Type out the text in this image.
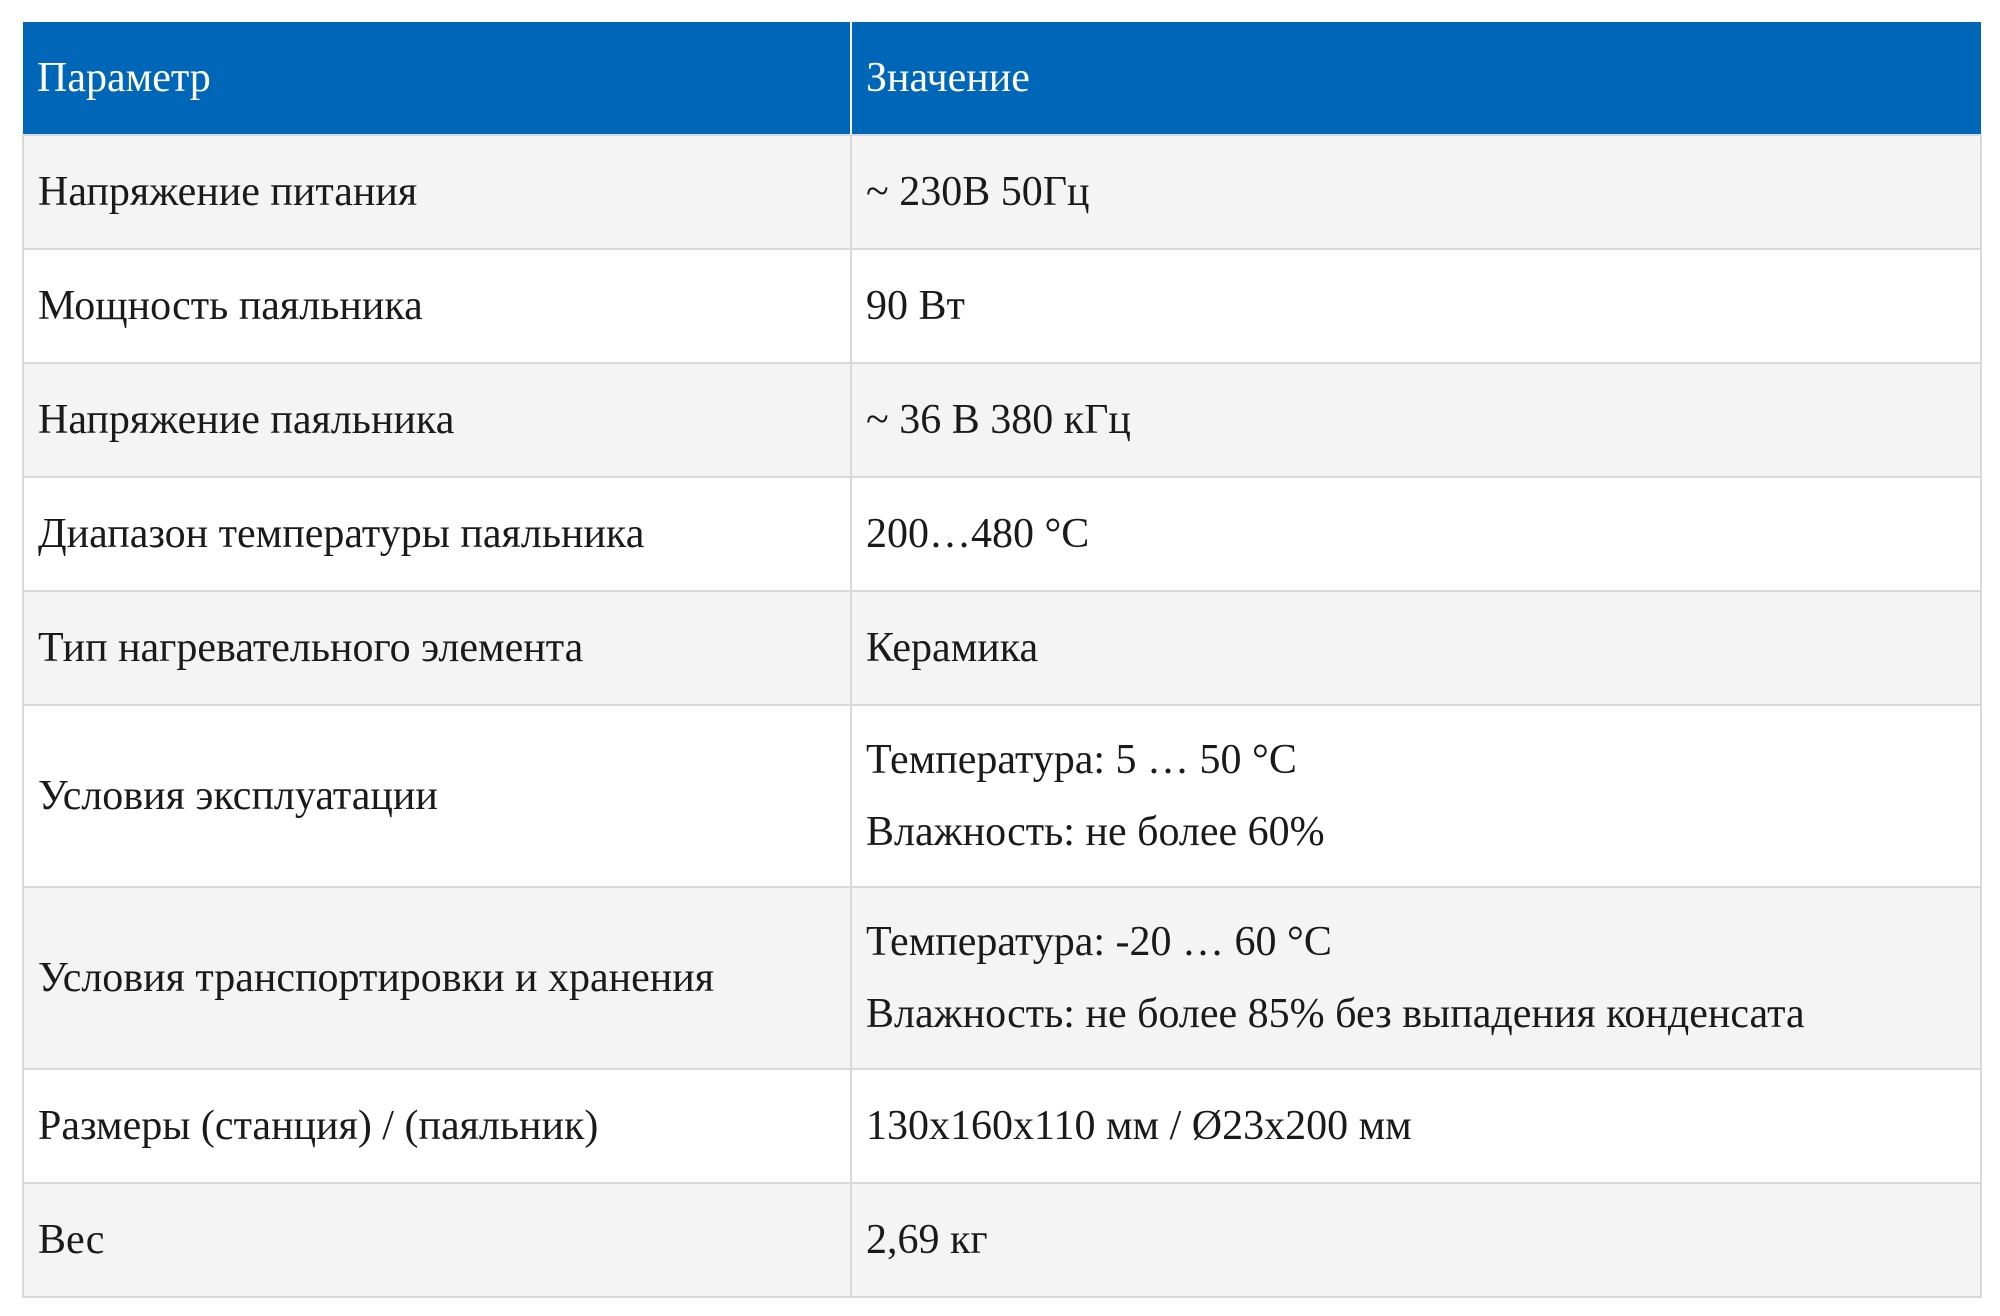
Параметр	Значение
Напряжение питания	~ 230В 50Гц

Мощность паяльника	90 Вт

Напряжение паяльника	~ 36 В 380 кГц

Диапазон температуры паяльника	200…480 °С

Тип нагревательного элемента	Керамика

Условия эксплуатации	Температура: 5 … 50 °С
Влажность: не более 60%

Условия транспортировки и хранения	Температура: -20 … 60 °С
Влажность: не более 85% без выпадения конденсата

Размеры (станция) / (паяльник)	130х160х110 мм / Ø23х200 мм

Вес	2,69 кг
